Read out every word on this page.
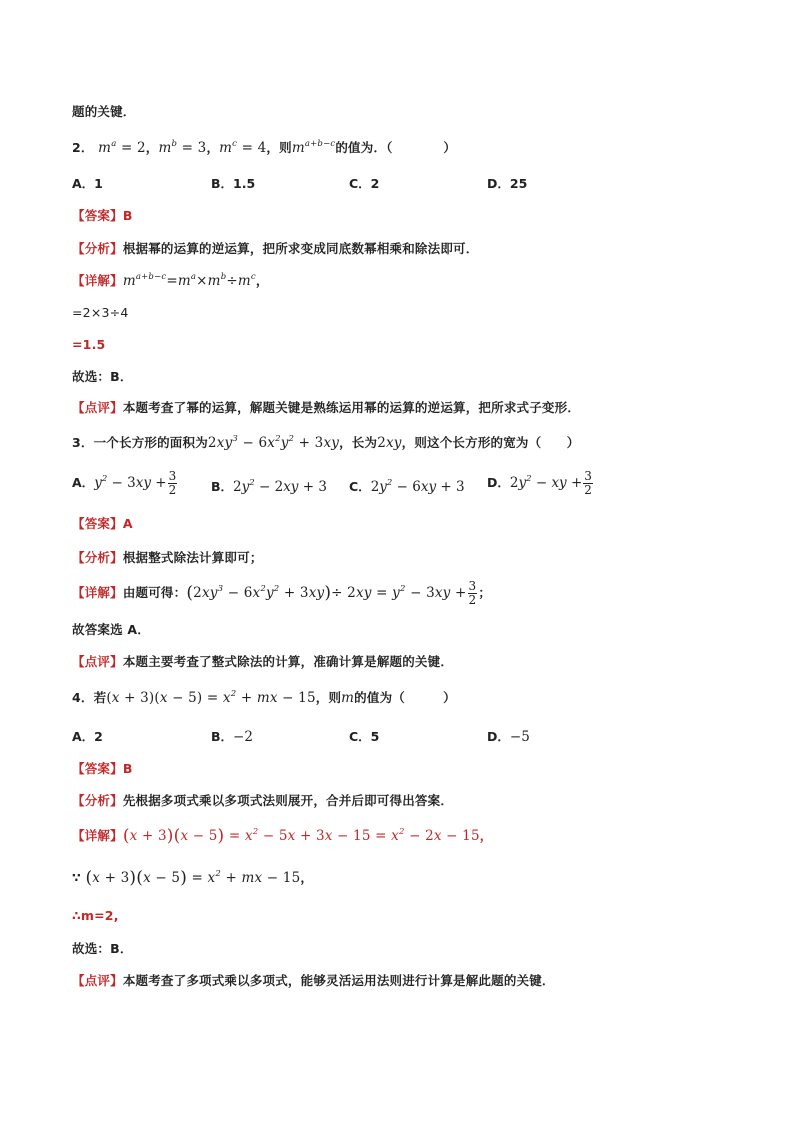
题的关键．
2． $m^a = 2$，$m^b = 3$，$m^c = 4$，则$m^{a+b-c}$的值为．（　　　　）
A．1	B．1.5	C．2	D．25
【答案】B
【分析】根据幂的运算的逆运算，把所求变成同底数幂相乘和除法即可．
【详解】$m^{a+b-c}=m^a\times m^b\div m^c$，
=2×3÷4
=1.5
故选：B．
【点评】本题考查了幂的运算，解题关键是熟练运用幂的运算的逆运算，把所求式子变形．
3．一个长方形的面积为$2xy^3 - 6x^2y^2 + 3xy$，长为2xy，则这个长方形的宽为（　　）
A．$y^2 - 3xy + \frac{3}{2}$	B．$2y^2 - 2xy + 3$ C．$2y^2 - 6xy + 3$ D．$2y^2$ − xy + $\frac{3}{2}$
【答案】A
【分析】根据整式除法计算即可；
【详解】由题可得：$(2xy^3 - 6x^2y^2 + 3xy)\div 2xy = y^2 - 3xy + \frac{3}{2}$ ；
故答案选 A．
【点评】本题主要考查了整式除法的计算，准确计算是解题的关键．
4．若$(x + 3)(x - 5) = x^2$ + mx − 15，则m的值为（　　　）
A．2	B．−2	C．5	D．−5
【答案】B
【分析】先根据多项式乘以多项式法则展开，合并后即可得出答案．
【详解】$(x + 3)(x - 5) = x^2 - 5x + 3x - 15 = x^2 - 2x - 15$，
∵ $(x + 3)(x - 5) = x^2$ + mx − 15，
∴m=2,
故选：B．
【点评】本题考查了多项式乘以多项式，能够灵活运用法则进行计算是解此题的关键．
